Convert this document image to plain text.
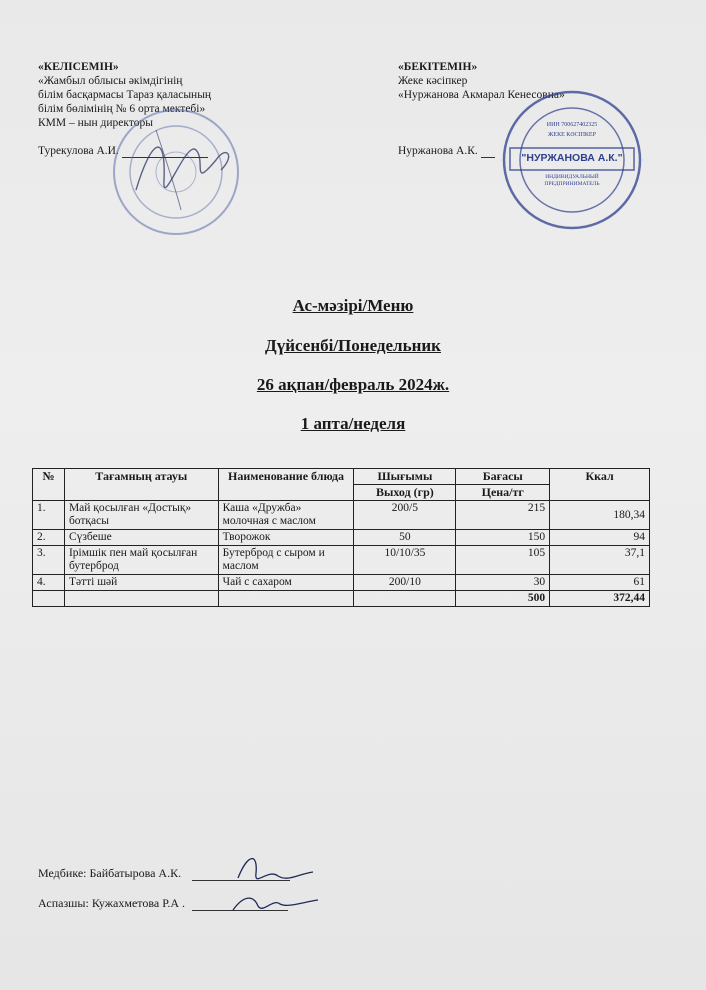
«КЕЛІСЕМІН»
«Жамбыл облысы әкімдігінің
білім басқармасы Тараз қаласының
білім бөлімінің № 6 орта мектебі»
КММ – нын директоры
Турекулова А.И.
«БЕКІТЕМІН»
Жеке кәсіпкер
«Нуржанова Акмарал Кенесовна»
Нуржанова А.К.
ИИН 700627402325
ЖЕКЕ КӘСІПКЕР
"НУРЖАНОВА А.К."
ИНДИВИДУАЛЬНЫЙ ПРЕДПРИНИМАТЕЛЬ
Ас-мәзірі/Меню
Дүйсенбі/Понедельник
26 ақпан/февраль 2024ж.
1 апта/неделя
№	Тағамның атауы	Наименование блюда	Шығымы	Бағасы	Ккал
			Выход (гр)	Цена/тг	
1.	Май қосылған «Достық» ботқасы	Каша «Дружба» молочная с маслом	200/5	215	180,34
2.	Сүзбеше	Творожок	50	150	94
3.	Ірімшік пен май қосылған бутерброд	Бутерброд с сыром и маслом	10/10/35	105	37,1
4.	Тәтті шәй	Чай с сахаром	200/10	30	61
				500	372,44
Медбике: Байбатырова А.К.
Аспазшы: Кужахметова Р.А .
